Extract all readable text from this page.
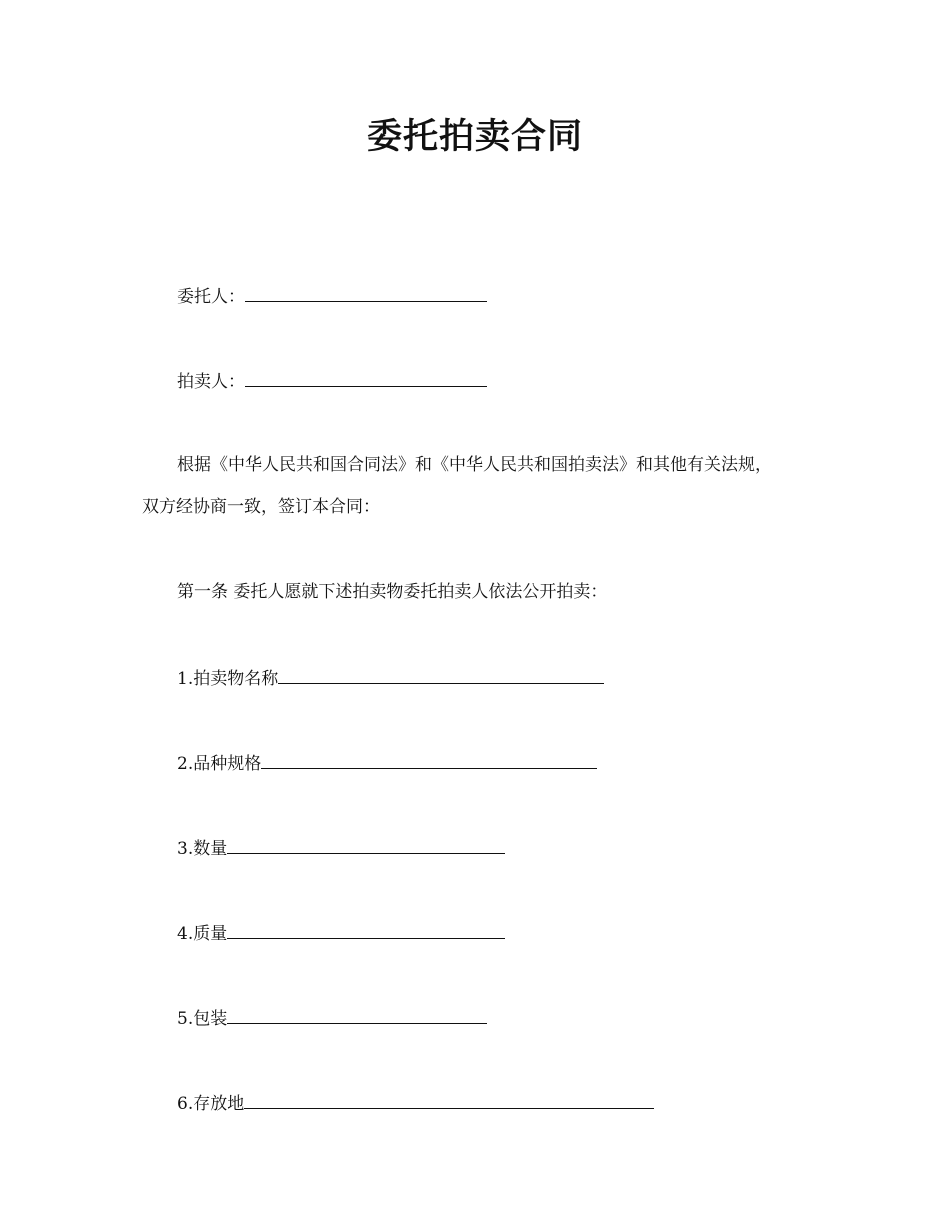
委托拍卖合同
委托人：
拍卖人：
根据《中华人民共和国合同法》和《中华人民共和国拍卖法》和其他有关法规，
双方经协商一致，签订本合同：
第一条 委托人愿就下述拍卖物委托拍卖人依法公开拍卖：
1.拍卖物名称
2.品种规格
3.数量
4.质量
5.包装
6.存放地
